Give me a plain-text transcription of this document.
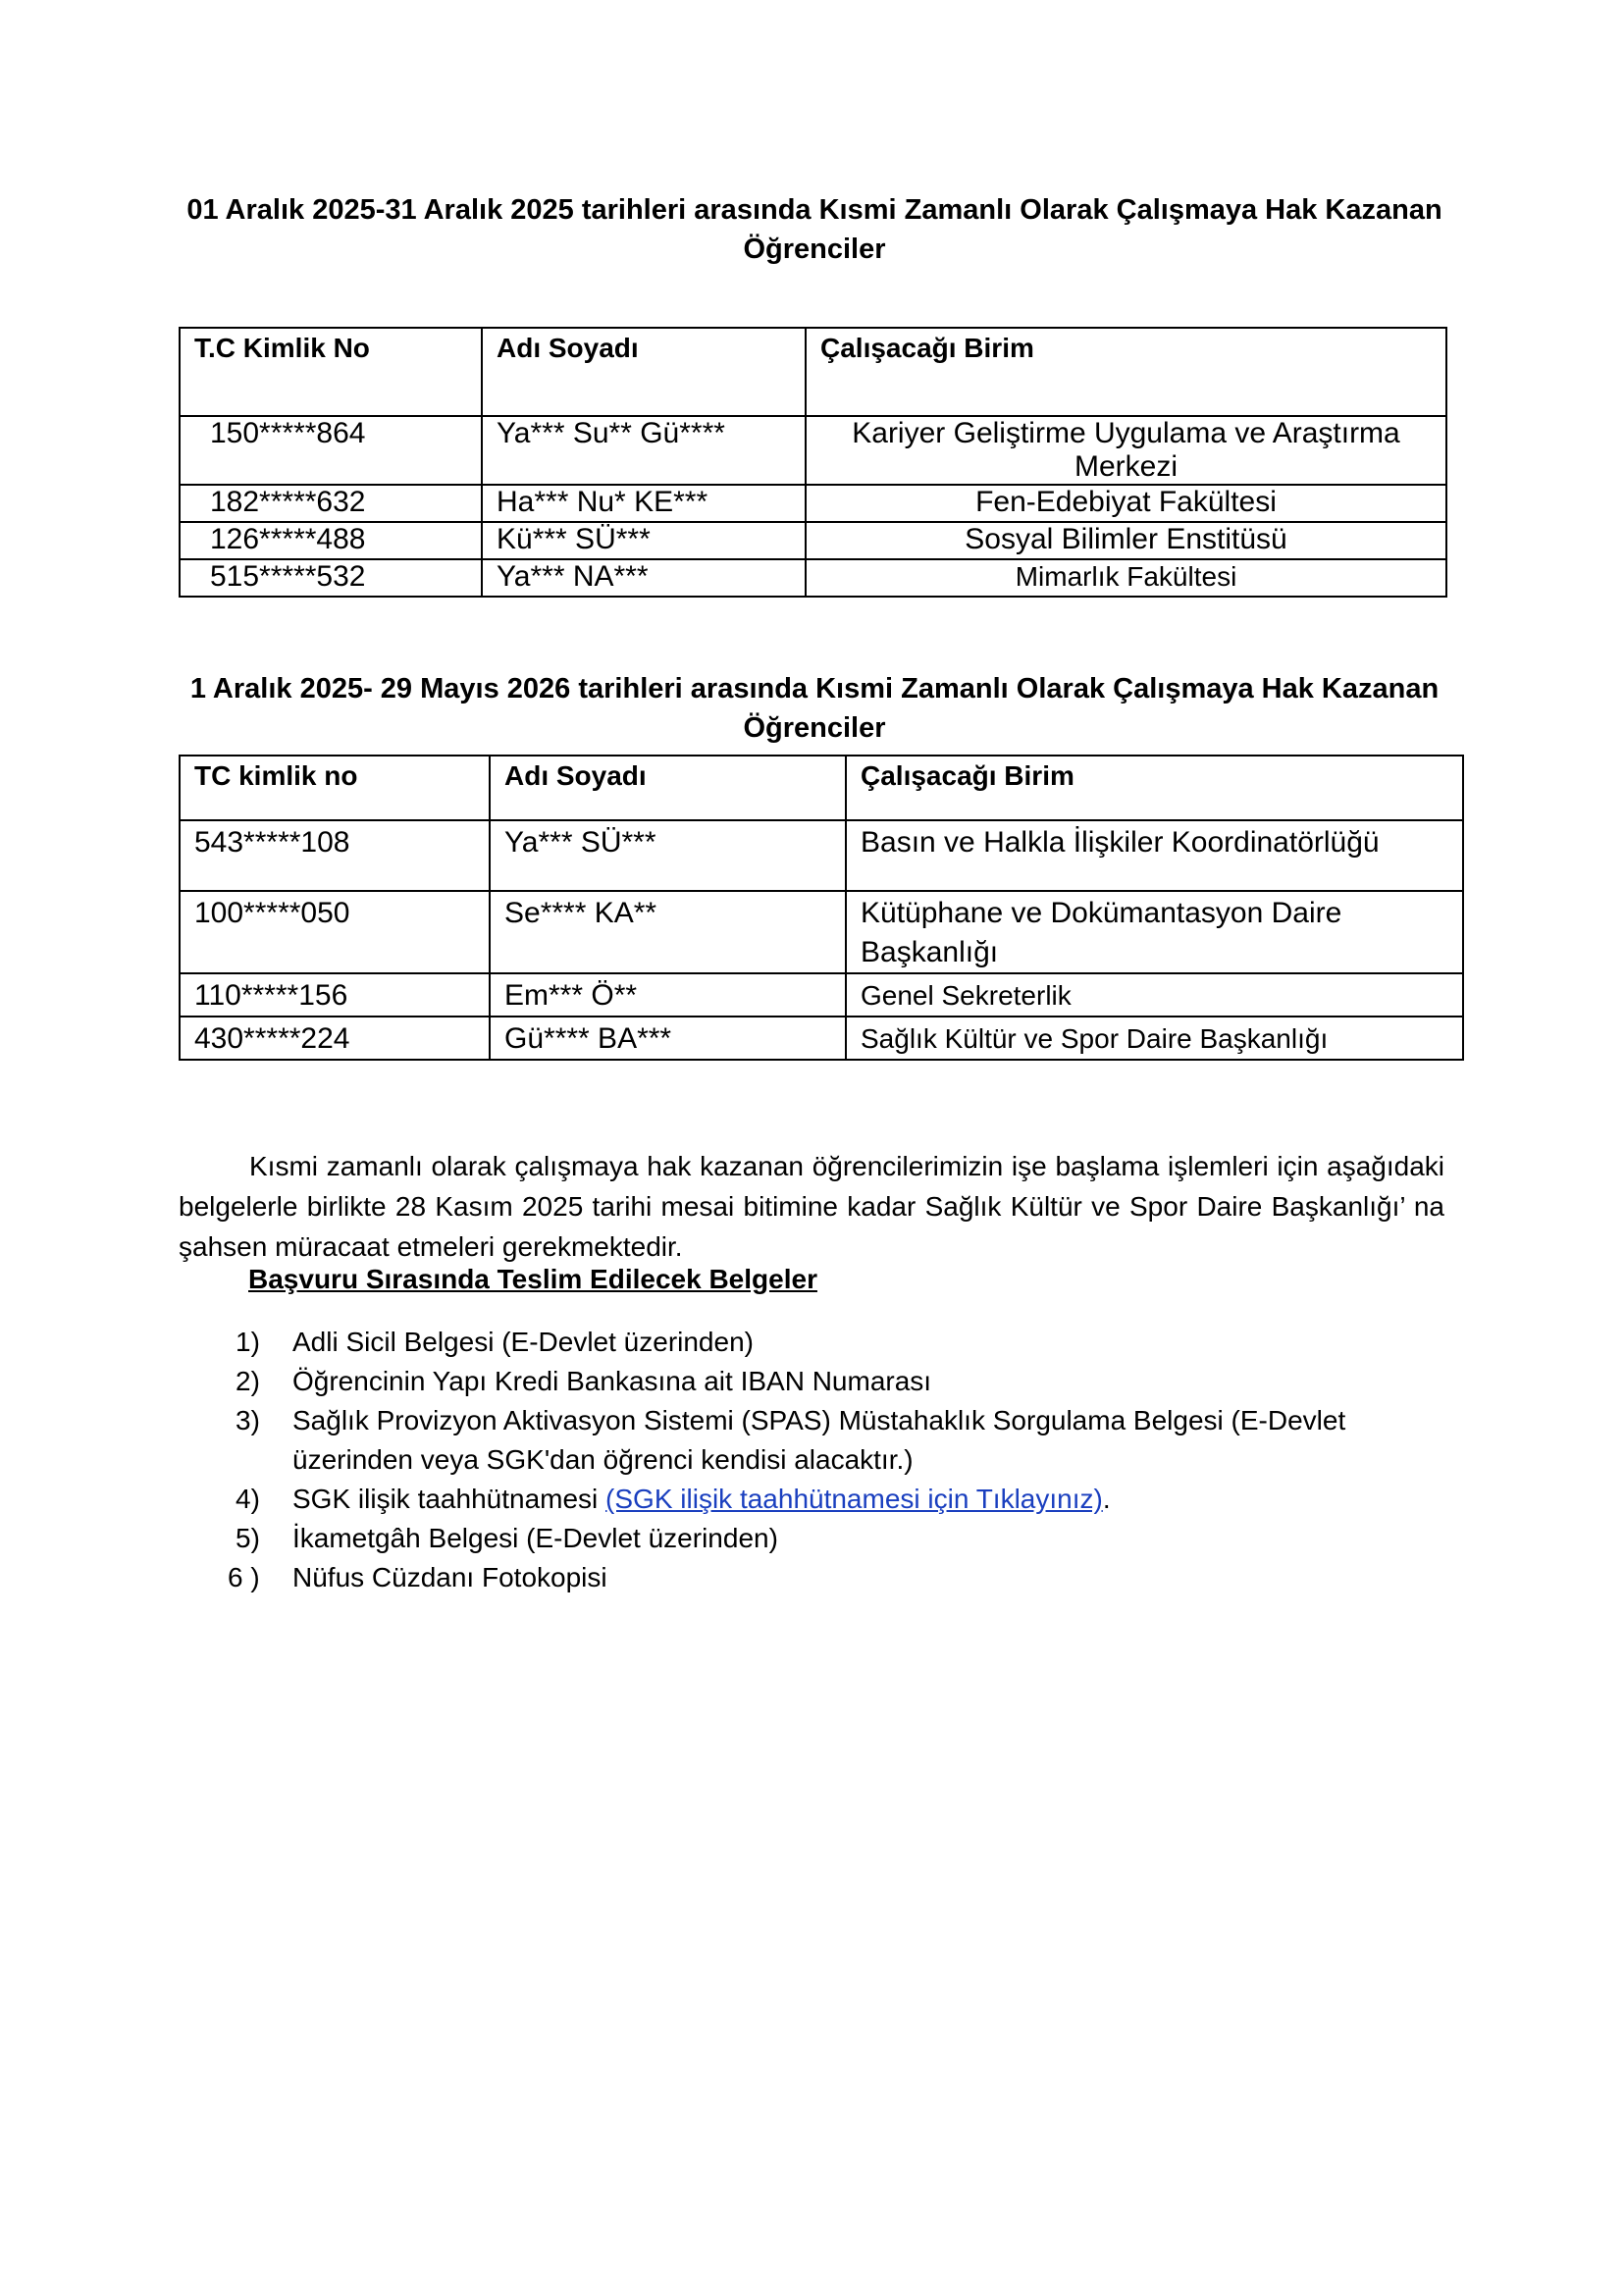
01 Aralık 2025-31 Aralık 2025 tarihleri arasında Kısmi Zamanlı Olarak Çalışmaya Hak Kazanan Öğrenciler
T.C Kimlik No	Adı Soyadı	Çalışacağı Birim
150*****864	Ya*** Su** Gü****	Kariyer Geliştirme Uygulama ve Araştırma Merkezi
182*****632	Ha*** Nu* KE***	Fen-Edebiyat Fakültesi
126*****488	Kü*** SÜ***	Sosyal Bilimler Enstitüsü
515*****532	Ya*** NA***	Mimarlık Fakültesi
1 Aralık 2025- 29 Mayıs 2026 tarihleri arasında Kısmi Zamanlı Olarak Çalışmaya Hak Kazanan Öğrenciler
TC kimlik no	Adı Soyadı	Çalışacağı Birim
543*****108	Ya*** SÜ***	Basın ve Halkla İlişkiler Koordinatörlüğü
100*****050	Se**** KA**	Kütüphane ve Dokümantasyon Daire Başkanlığı
110*****156	Em*** Ö**	Genel Sekreterlik
430*****224	Gü**** BA***	Sağlık Kültür ve Spor Daire Başkanlığı

Kısmi zamanlı olarak çalışmaya hak kazanan öğrencilerimizin işe başlama işlemleri için aşağıdaki belgelerle birlikte 28 Kasım 2025 tarihi mesai bitimine kadar Sağlık Kültür ve Spor Daire Başkanlığı’ na şahsen müracaat etmeleri gerekmektedir.

Başvuru Sırasında Teslim Edilecek Belgeler
1)	Adli Sicil Belgesi (E-Devlet üzerinden)
2)	Öğrencinin Yapı Kredi Bankasına ait IBAN Numarası
3)	Sağlık Provizyon Aktivasyon Sistemi (SPAS) Müstahaklık Sorgulama Belgesi (E-Devlet üzerinden veya SGK'dan öğrenci kendisi alacaktır.)
4)	SGK ilişik taahhütnamesi (SGK ilişik taahhütnamesi için Tıklayınız).
5)	İkametgâh Belgesi (E-Devlet üzerinden)
6 )	Nüfus Cüzdanı Fotokopisi
